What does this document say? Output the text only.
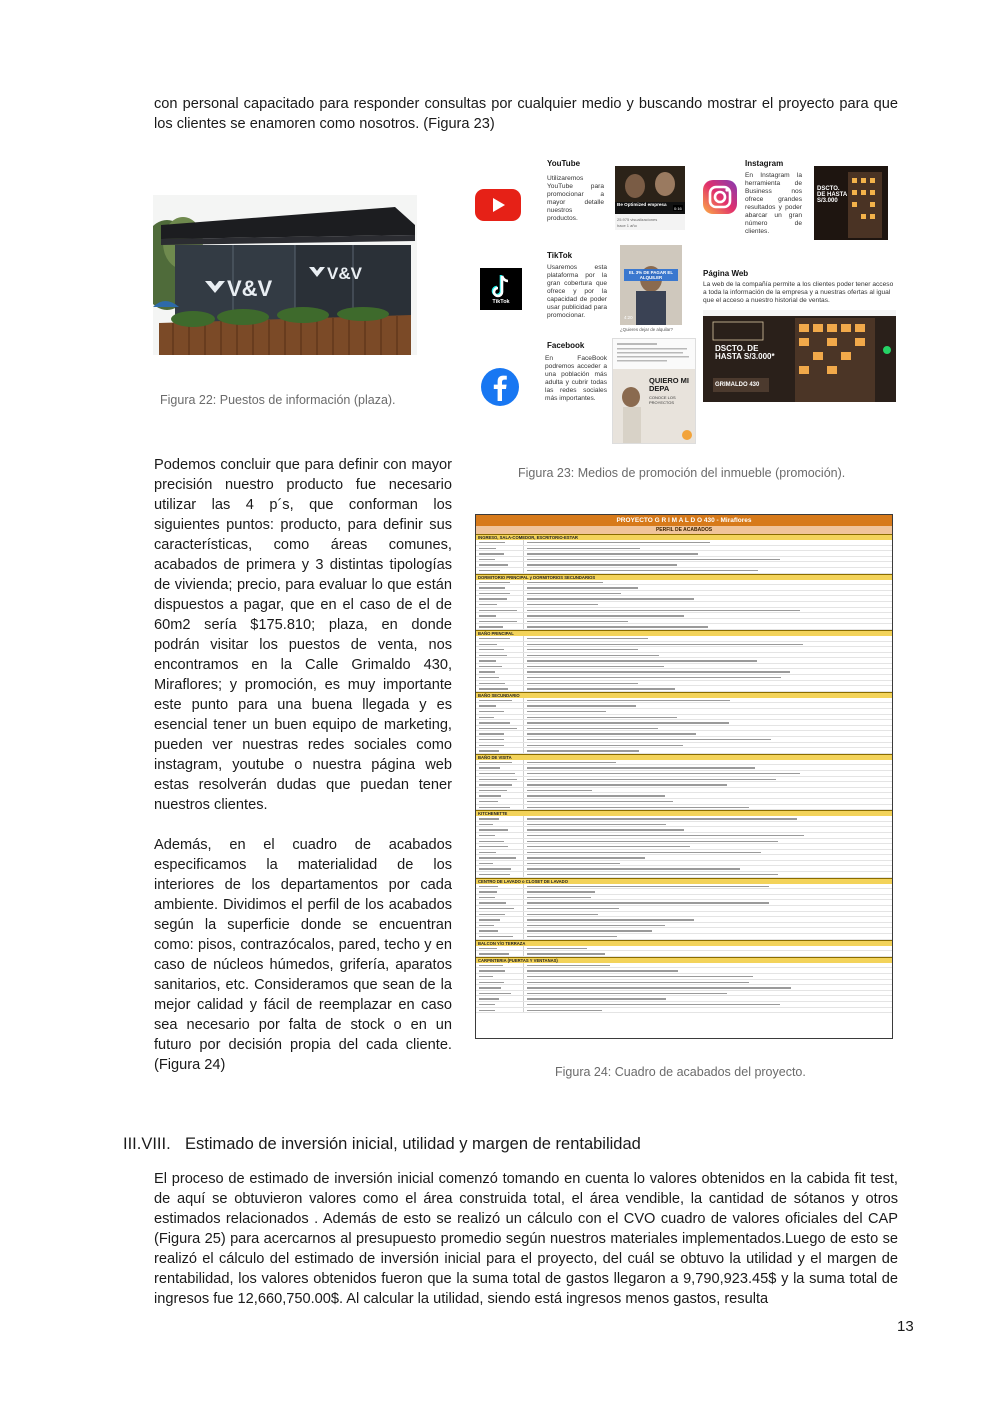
con personal capacitado para responder consultas por cualquier medio y buscando mostrar el proyecto para que los clientes se enamoren como nosotros. (Figura 23)

V&V
V&V

Figura 22: Puestos de información (plaza).

YouTube
Utilizaremos YouTube para promocionar a mayor detalle nuestros productos.
Be Optimized empresa
0:16
25.975 visualizaciones
hace 1 año
Instagram
En Instagram la herramienta de Business nos ofrece grandes resultados y poder abarcar un gran número de clientes.
DSCTO. DE HASTA S/3.000
TikTok
TikTok
Usaremos esta plataforma por la gran cobertura que ofrece y por la capacidad de poder usar publicidad para promocionar.
EL 3% DE PAGAR EL ALQUILER
4:20
¿Quieres dejar de alquilar?
Página Web
La web de la compañía permite a los clientes poder tener acceso a toda la información de la empresa y a nuestras ofertas al igual que el acceso a nuestro historial de ventas.
DSCTO. DE HASTA S/3.000*
GRIMALDO 430
Facebook
En FaceBook podremos acceder a una población más adulta y cubrir todas las redes sociales más importantes.
QUIERO MI DEPA
CONOCE LOS PROYECTOS

Figura 23: Medios de promoción del inmueble (promoción).

Podemos concluir que para definir con mayor precisión nuestro producto fue necesario utilizar las 4 p´s, que conforman los siguientes puntos: producto, para definir sus características, como áreas comunes, acabados de primera y 3 distintas tipologías de vivienda; precio, para evaluar lo que están dispuestos a pagar, que en el caso de el de 60m2 sería $175.810; plaza, en donde podrán visitar los puestos de venta, nos encontramos en la Calle Grimaldo 430, Miraflores; y promoción, es muy importante este punto para una buena llegada y es esencial tener un buen equipo de marketing, pueden ver nuestras redes sociales como instagram, youtube o nuestra página web estas resolverán dudas que puedan tener nuestros clientes.

Además, en el cuadro de acabados especificamos la materialidad de los interiores de los departamentos por cada ambiente. Dividimos el perfil de los acabados según la superficie donde se encuentran como: pisos, contrazócalos, pared, techo y en caso de núcleos húmedos, grifería, aparatos sanitarios, etc. Consideramos que sean de la mejor calidad y fácil de reemplazar en caso sea necesario por falta de stock o en un futuro por decisión propia del cada cliente. (Figura 24)

PROYECTO G R I M A L D O 430 - Miraflores
PERFIL DE ACABADOS
INGRESO, SALA-COMEDOR, ESCRITORIO-ESTAR
DORMITORIO PRINCIPAL y DORMITORIOS SECUNDARIOS
BAÑO PRINCIPAL
BAÑO SECUNDARIO
BAÑO DE VISITA
KITCHENETTE
CENTRO DE LAVADO o CLOSET DE LAVADO
BALCON Y/O TERRAZA
CARPINTERIA (PUERTAS Y VENTANAS)

Figura 24: Cuadro de acabados del proyecto.

III.VIII. Estimado de inversión inicial, utilidad y margen de rentabilidad

El proceso de estimado de inversión inicial comenzó tomando en cuenta lo valores obtenidos en la cabida fit test, de aquí se obtuvieron valores como el área construida total, el área vendible, la cantidad de sótanos y otros estimados relacionados . Además de esto se realizó un cálculo con el CVO cuadro de valores oficiales del CAP (Figura 25) para acercarnos al presupuesto promedio según nuestros materiales implementados.Luego de esto se realizó el cálculo del estimado de inversión inicial para el proyecto, del cuál se obtuvo la utilidad y el margen de rentabilidad, los valores obtenidos fueron que la suma total de gastos llegaron a 9,790,923.45$ y la suma total de ingresos fue 12,660,750.00$. Al calcular la utilidad, siendo está ingresos menos gastos, resulta

13
